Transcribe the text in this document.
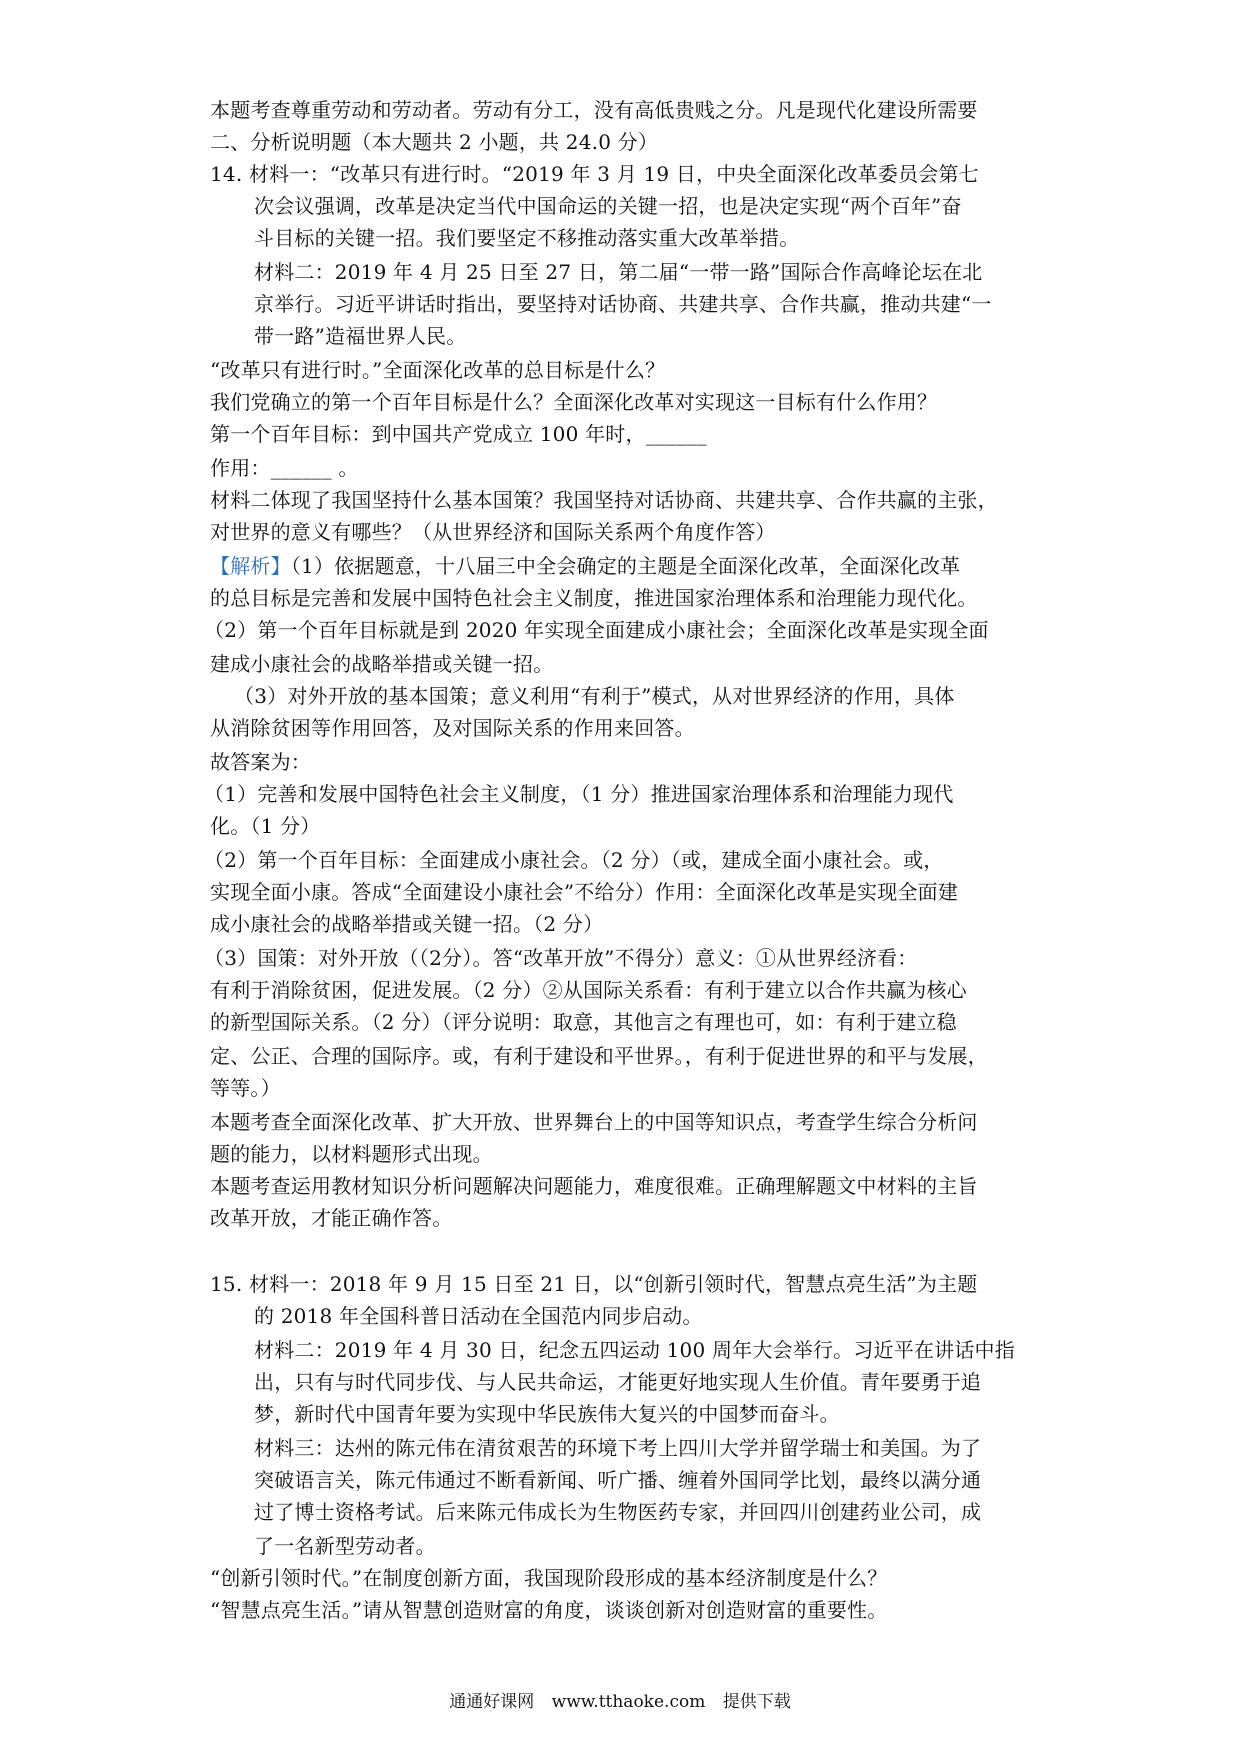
本题考查尊重劳动和劳动者。劳动有分工，没有高低贵贱之分。凡是现代化建设所需要
二、分析说明题（本大题共 2 小题，共 24.0 分）
14. 材料一：“改革只有进行时。“2019 年 3 月 19 日，中央全面深化改革委员会第七
次会议强调，改革是决定当代中国命运的关键一招，也是决定实现“两个百年”奋
斗目标的关键一招。我们要坚定不移推动落实重大改革举措。
材料二：2019 年 4 月 25 日至 27 日，第二届“一带一路”国际合作高峰论坛在北
京举行。习近平讲话时指出，要坚持对话协商、共建共享、合作共赢，推动共建“一
带一路”造福世界人民。
“改革只有进行时。”全面深化改革的总目标是什么？
我们党确立的第一个百年目标是什么？全面深化改革对实现这一目标有什么作用？
第一个百年目标：到中国共产党成立 100 年时，______
作用：______ 。
材料二体现了我国坚持什么基本国策？我国坚持对话协商、共建共享、合作共赢的主张，
对世界的意义有哪些？（从世界经济和国际关系两个角度作答）
【解析】（1）依据题意，十八届三中全会确定的主题是全面深化改革，全面深化改革
的总目标是完善和发展中国特色社会主义制度，推进国家治理体系和治理能力现代化。
（2）第一个百年目标就是到 2020 年实现全面建成小康社会；全面深化改革是实现全面
建成小康社会的战略举措或关键一招。
（3）对外开放的基本国策；意义利用“有利于”模式，从对世界经济的作用，具体
从消除贫困等作用回答，及对国际关系的作用来回答。
故答案为：
（1）完善和发展中国特色社会主义制度，（1 分）推进国家治理体系和治理能力现代
化。（1 分）
（2）第一个百年目标：全面建成小康社会。（2 分）（或，建成全面小康社会。或，
实现全面小康。答成“全面建设小康社会”不给分）作用：全面深化改革是实现全面建
成小康社会的战略举措或关键一招。（2 分）
（3）国策：对外开放（（2分）。答“改革开放”不得分）意义：①从世界经济看：
有利于消除贫困，促进发展。（2 分）②从国际关系看：有利于建立以合作共赢为核心
的新型国际关系。（2 分）（评分说明：取意，其他言之有理也可，如：有利于建立稳
定、公正、合理的国际序。或，有利于建设和平世界。，有利于促进世界的和平与发展，
等等。）
本题考查全面深化改革、扩大开放、世界舞台上的中国等知识点，考查学生综合分析问
题的能力，以材料题形式出现。
本题考查运用教材知识分析问题解决问题能力，难度很难。正确理解题文中材料的主旨
改革开放，才能正确作答。
15. 材料一：2018 年 9 月 15 日至 21 日，以“创新引领时代，智慧点亮生活”为主题
的 2018 年全国科普日活动在全国范内同步启动。
材料二：2019 年 4 月 30 日，纪念五四运动 100 周年大会举行。习近平在讲话中指
出，只有与时代同步伐、与人民共命运，才能更好地实现人生价值。青年要勇于追
梦，新时代中国青年要为实现中华民族伟大复兴的中国梦而奋斗。
材料三：达州的陈元伟在清贫艰苦的环境下考上四川大学并留学瑞士和美国。为了
突破语言关，陈元伟通过不断看新闻、听广播、缠着外国同学比划，最终以满分通
过了博士资格考试。后来陈元伟成长为生物医药专家，并回四川创建药业公司，成
了一名新型劳动者。
“创新引领时代。”在制度创新方面，我国现阶段形成的基本经济制度是什么？
“智慧点亮生活。”请从智慧创造财富的角度，谈谈创新对创造财富的重要性。
通通好课网 www.tthaoke.com 提供下载
